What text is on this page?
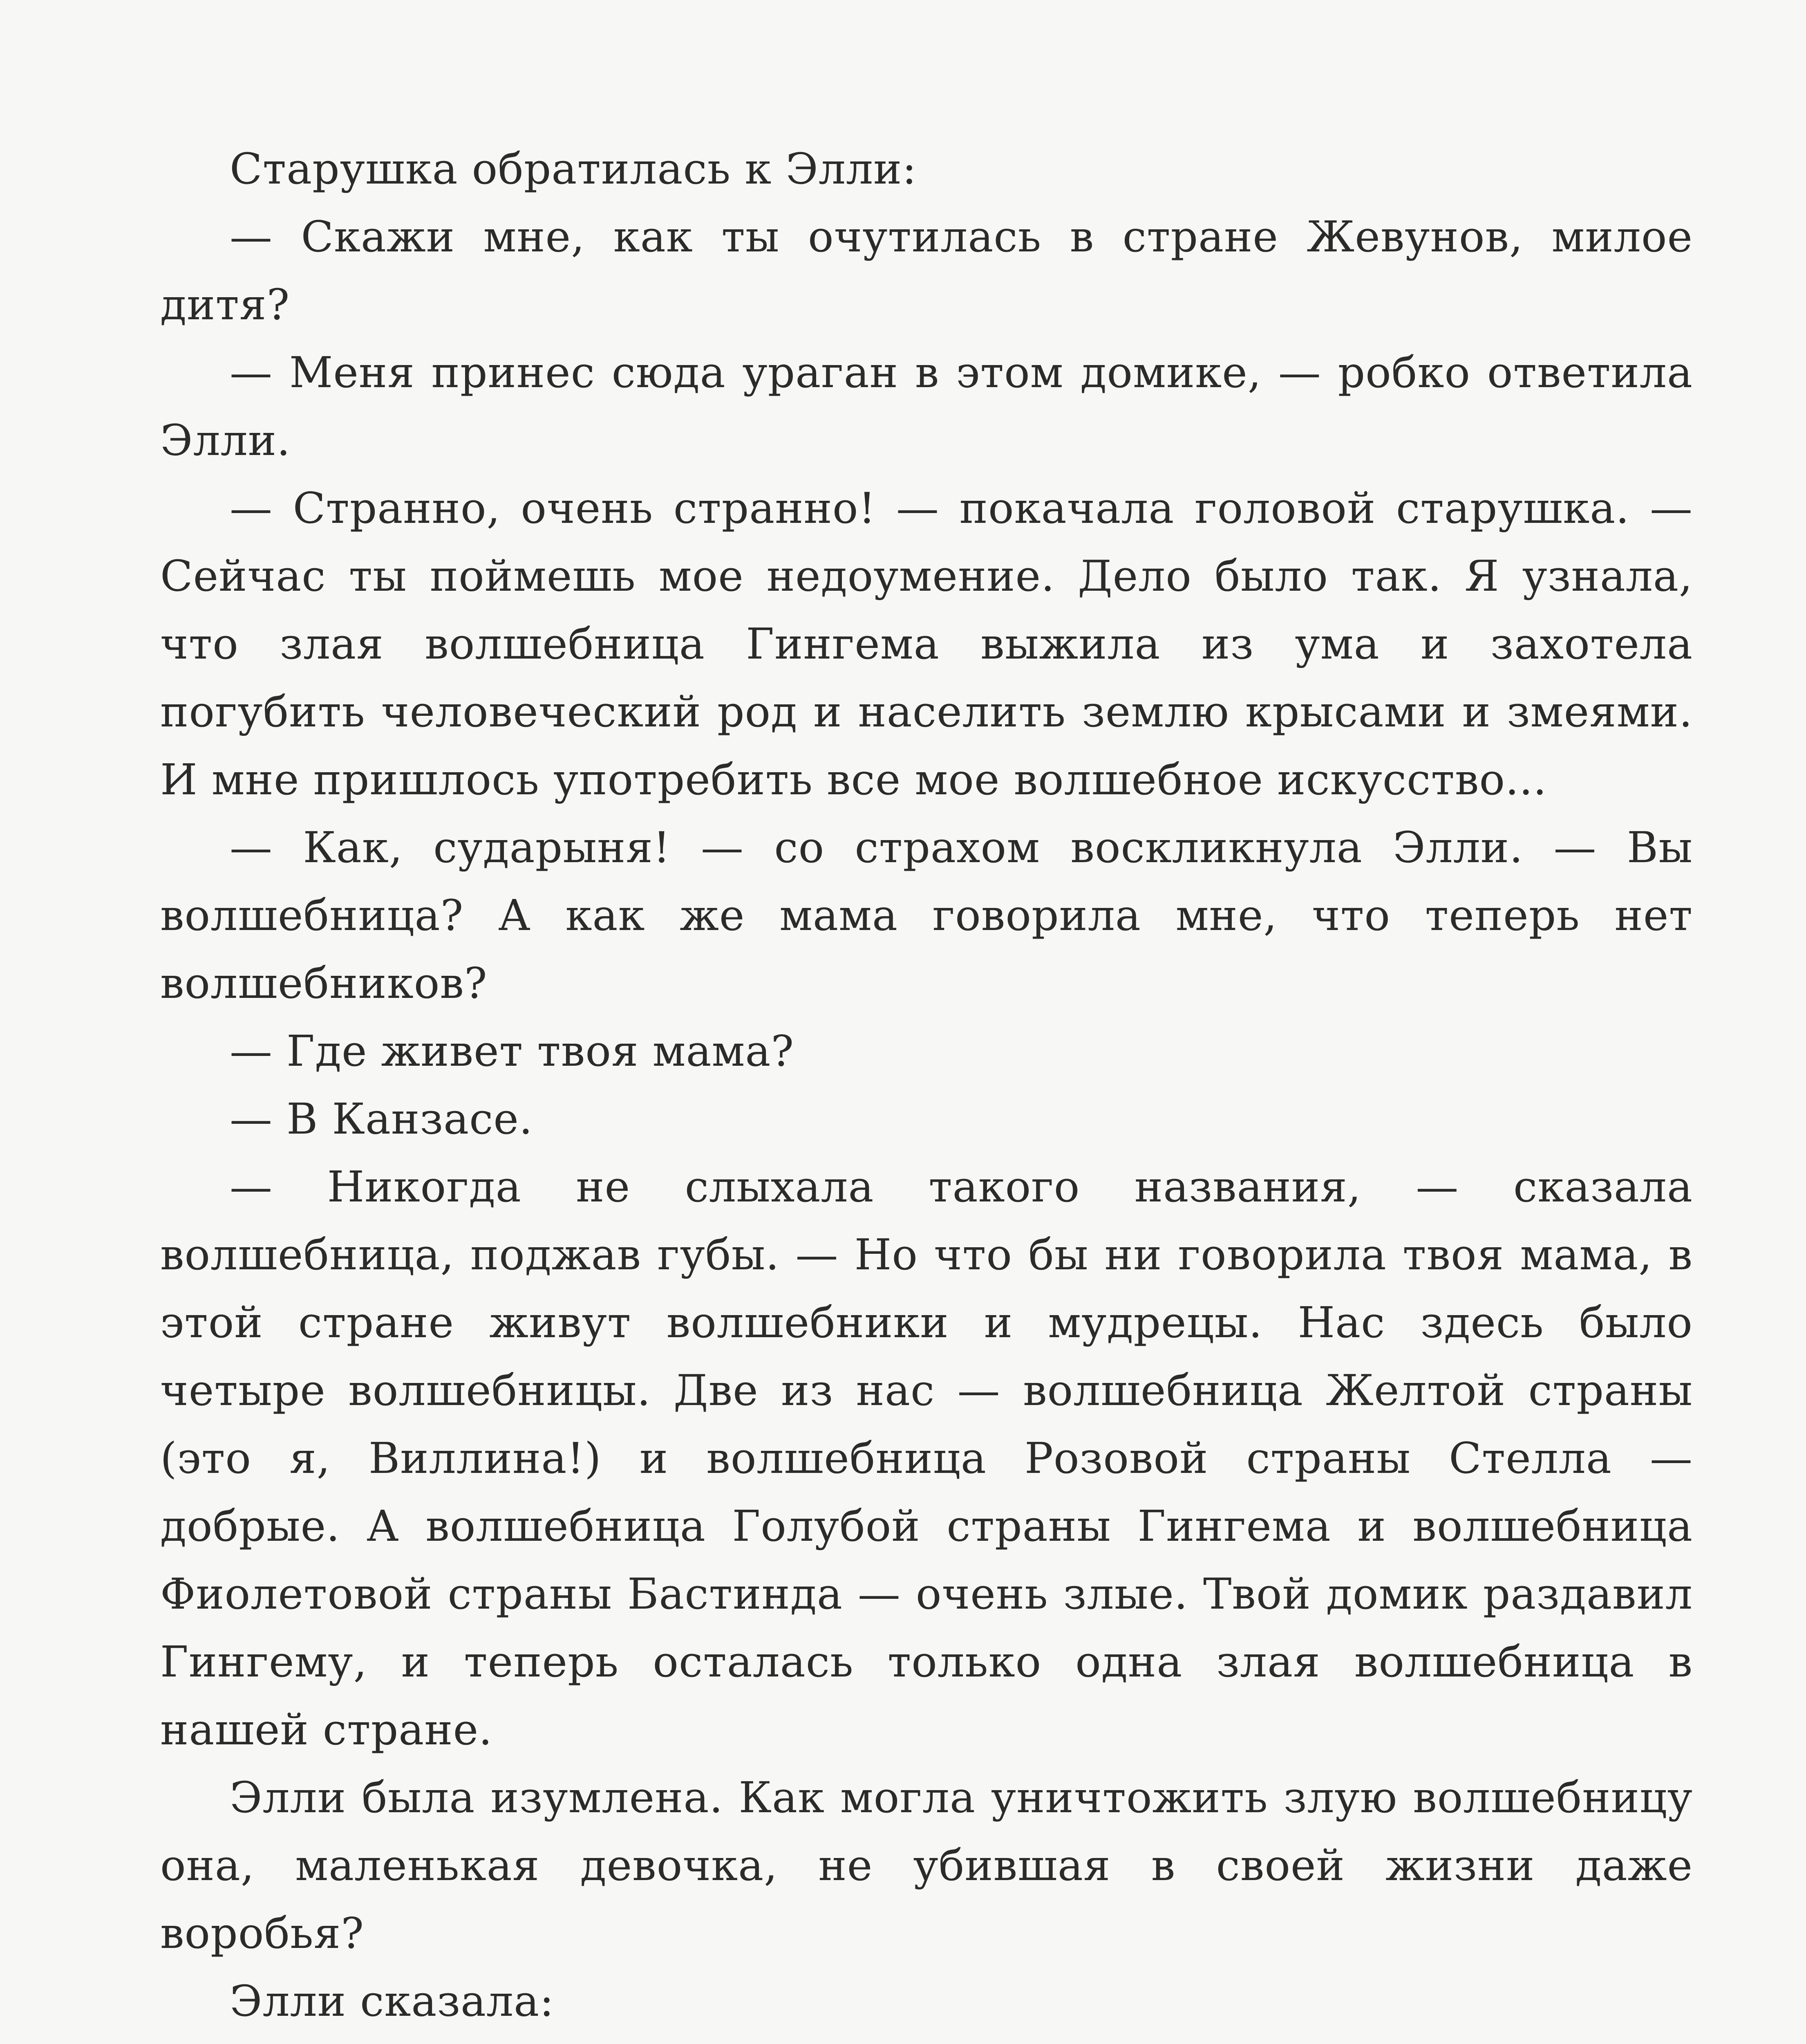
Старушка обратилась к Элли:

— Скажи мне, как ты очутилась в стране Жевунов, милое дитя?

— Меня принес сюда ураган в этом домике, — робко ответила Элли.

— Странно, очень странно! — покачала головой старушка. — Сейчас ты поймешь мое недоумение. Дело было так. Я узнала, что злая волшебница Гингема выжила из ума и захотела погубить человеческий род и населить землю крысами и змеями. И мне пришлось употребить все мое волшебное искусство...

— Как, сударыня! — со страхом воскликнула Элли. — Вы волшебница? А как же мама говорила мне, что теперь нет волшебников?

— Где живет твоя мама?

— В Канзасе.

— Никогда не слыхала такого названия, — сказала волшебница, поджав губы. — Но что бы ни говорила твоя мама, в этой стране живут волшебники и мудрецы. Нас здесь было четыре волшебницы. Две из нас — волшебница Желтой страны (это я, Виллина!) и волшебница Розовой страны Стелла — добрые. А волшебница Голубой страны Гингема и волшебница Фиолетовой страны Бастинда — очень злые. Твой домик раздавил Гингему, и теперь осталась только одна злая волшебница в нашей стране.

Элли была изумлена. Как могла уничтожить злую волшебницу она, маленькая девочка, не убившая в своей жизни даже воробья?

Элли сказала:
